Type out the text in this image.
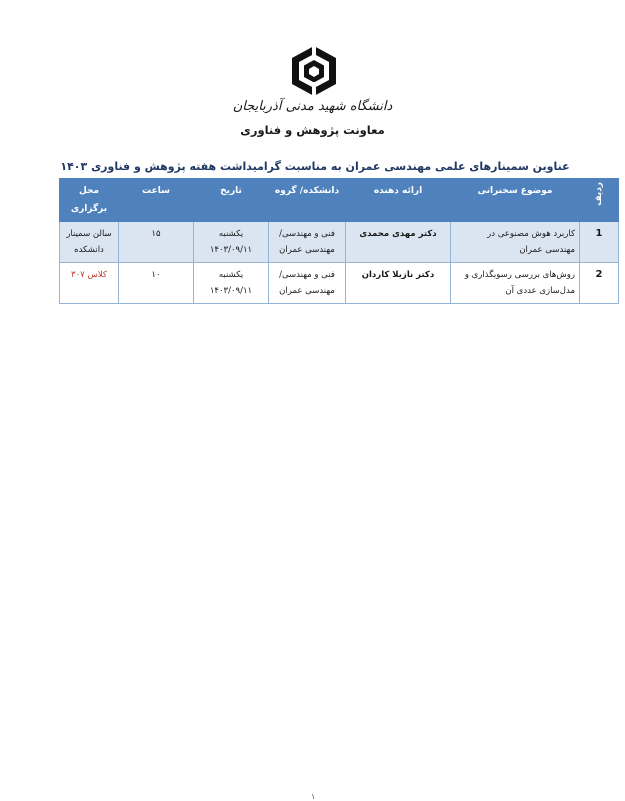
دانشگاه شهید مدنی آذربایجان
معاونت پژوهش و فناوری
عناوین سمینارهای علمی مهندسی عمران به مناسبت گرامیداشت هفته پژوهش و فناوری ۱۴۰۳
ردیف	موضوع سخنرانی	ارائه دهنده	دانشکده/ گروه	تاریخ	ساعت	محل برگزاری
1	کاربرد هوش مصنوعی در مهندسی عمران	دکتر مهدی محمدی	فنی و مهندسی/ مهندسی عمران	یکشنبه ۱۴۰۳/۰۹/۱۱	۱۵	سالن سمینار دانشکده
2	روش‌های بررسی رسوبگذاری و مدل‌سازی عددی آن	دکتر نازیلا کاردان	فنی و مهندسی/ مهندسی عمران	یکشنبه ۱۴۰۳/۰۹/۱۱	۱۰	کلاس ۳۰۷
۱
